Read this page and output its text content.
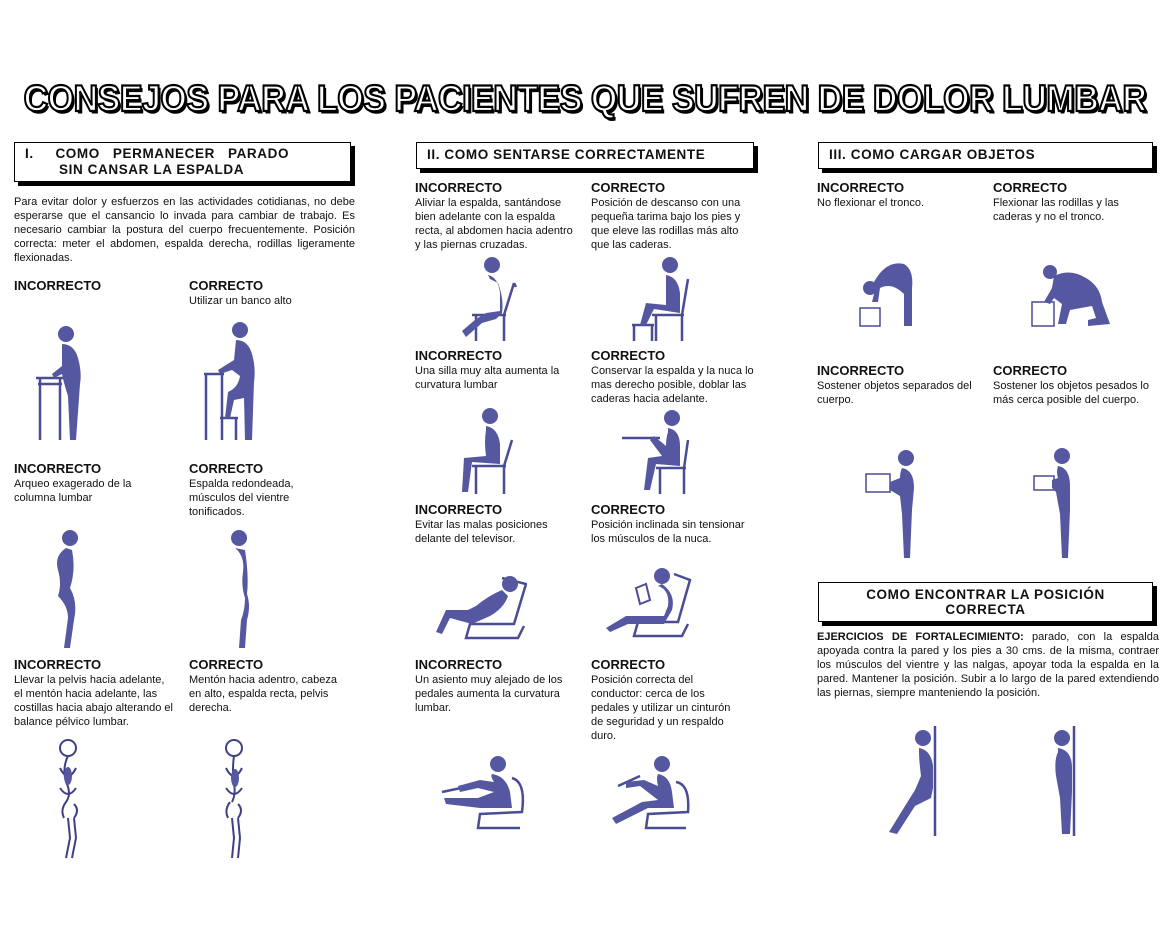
CONSEJOS PARA LOS PACIENTES QUE SUFREN DE DOLOR LUMBAR
I.     COMO   PERMANECER   PARADO
SIN CANSAR LA ESPALDA
Para evitar dolor y esfuerzos en las actividades cotidianas, no debe esperarse que el cansancio lo invada para cambiar de trabajo. Es necesario cambiar la postura del cuerpo frecuentemente. Posición correcta: meter el abdomen, espalda derecha, rodillas ligeramente flexionadas.
INCORRECTO	CORRECTO
Utilizar un banco alto
INCORRECTO
Arqueo exagerado de la columna lumbar
CORRECTO
Espalda redondeada, músculos del vientre tonificados.
INCORRECTO
Llevar la pelvis hacia adelante, el mentón hacia adelante, las costillas hacia abajo alterando el balance pélvico lumbar.
CORRECTO
Mentón hacia adentro, cabeza en alto, espalda recta, pelvis derecha.
II. COMO SENTARSE CORRECTAMENTE
INCORRECTO
Aliviar la espalda, santándose bien adelante con la espalda recta, al abdomen hacia adentro y las piernas cruzadas.
CORRECTO
Posición de descanso con una pequeña tarima bajo los pies y que eleve las rodillas más alto que las caderas.
INCORRECTO
Una silla muy alta aumenta la curvatura lumbar
CORRECTO
Conservar la espalda y la nuca lo mas derecho posible, doblar las caderas hacia adelante.
INCORRECTO
Evitar las malas posiciones delante del televisor.
CORRECTO
Posición inclinada sin tensionar los músculos de la nuca.
INCORRECTO
Un asiento muy alejado de los pedales aumenta la curvatura lumbar.
CORRECTO
Posición correcta del conductor: cerca de los pedales y utilizar un cinturón de seguridad y un respaldo duro.
III. COMO CARGAR OBJETOS
INCORRECTO
No flexionar el tronco.
CORRECTO
Flexionar las rodillas y las caderas y no el tronco.
INCORRECTO
Sostener objetos separados del cuerpo.
CORRECTO
Sostener los objetos pesados lo más cerca posible del cuerpo.
COMO ENCONTRAR LA POSICIÓN
CORRECTA
EJERCICIOS DE FORTALECIMIENTO: parado, con la espalda apoyada contra la pared y los pies a 30 cms. de la misma, contraer los músculos del vientre y las nalgas, apoyar toda la espalda en la pared. Mantener la posición. Subir a lo largo de la pared extendiendo las piernas, siempre manteniendo la posición.
